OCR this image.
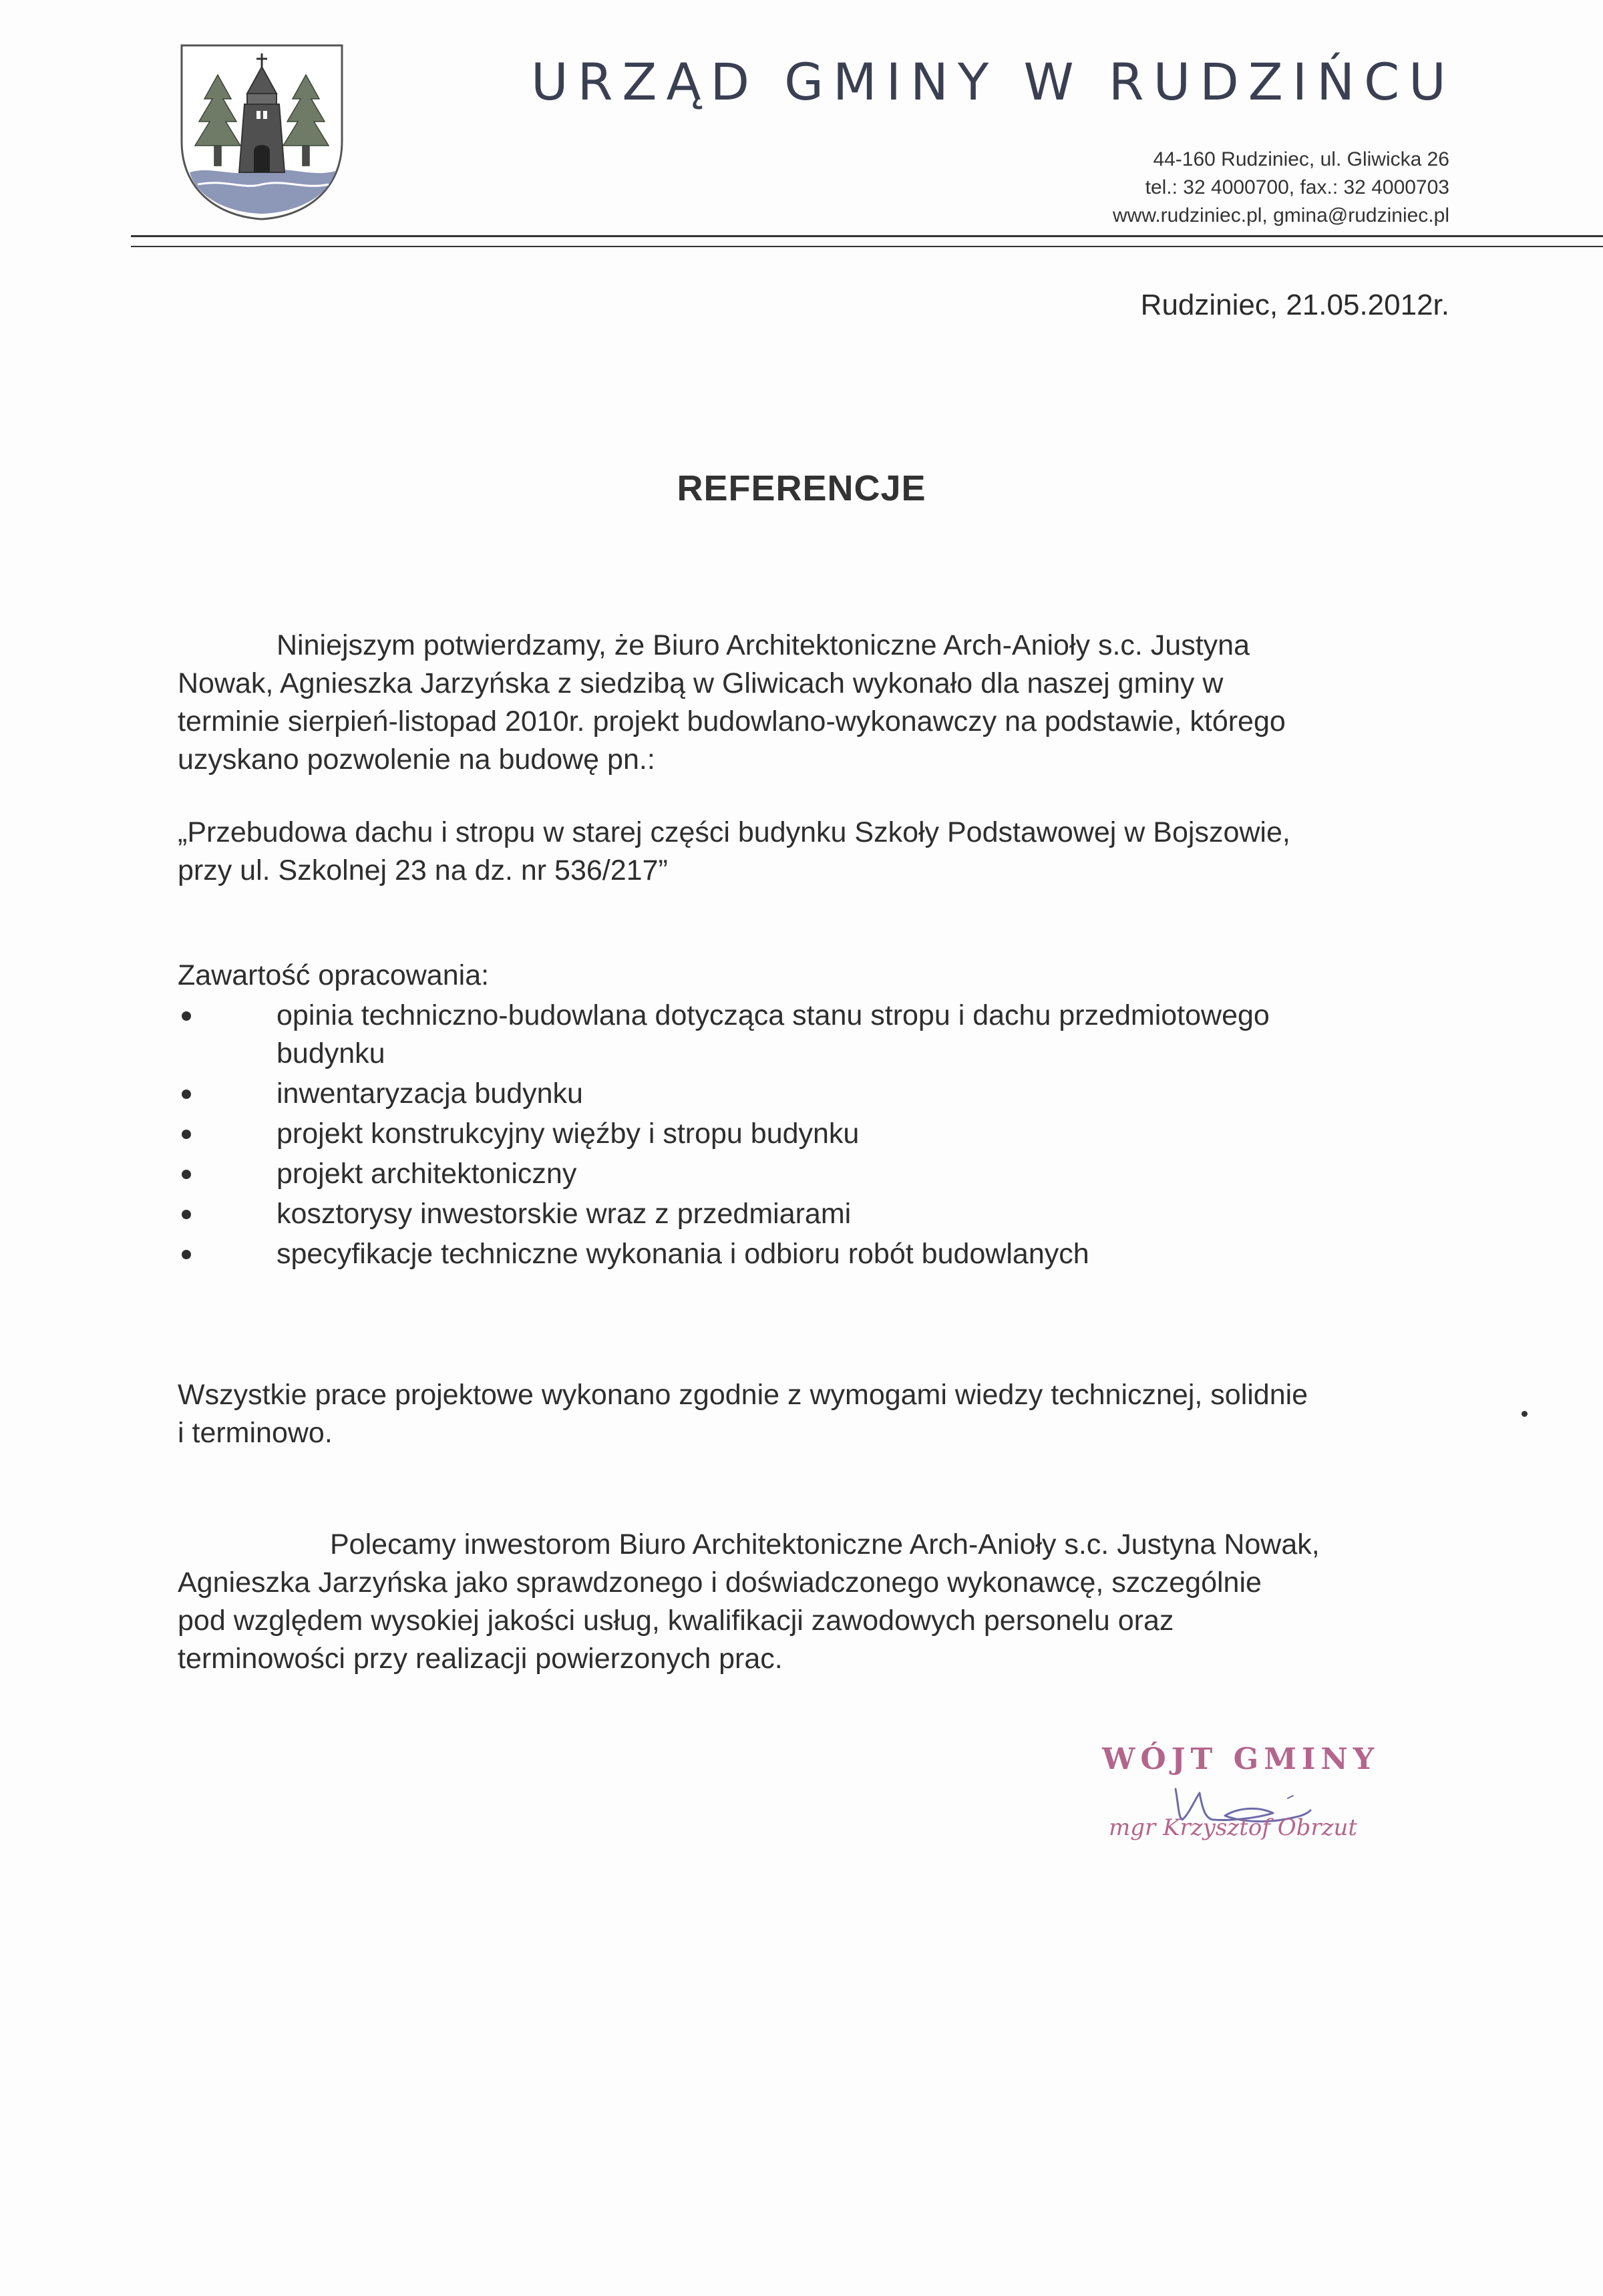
URZĄD GMINY W RUDZIŃCU
44-160 Rudziniec, ul. Gliwicka 26
tel.: 32 4000700, fax.: 32 4000703
www.rudziniec.pl, gmina@rudziniec.pl
Rudziniec, 21.05.2012r.
REFERENCJE
Niniejszym potwierdzamy, że Biuro Architektoniczne Arch-Anioły s.c. Justyna
Nowak, Agnieszka Jarzyńska z siedzibą w Gliwicach wykonało dla naszej gminy w
terminie sierpień-listopad 2010r. projekt budowlano-wykonawczy na podstawie, którego
uzyskano pozwolenie na budowę pn.:
„Przebudowa dachu i stropu w starej części budynku Szkoły Podstawowej w Bojszowie,
przy ul. Szkolnej 23 na dz. nr 536/217”
Zawartość opracowania:
opinia techniczno-budowlana dotycząca stanu stropu i dachu przedmiotowego
budynku
inwentaryzacja budynku
projekt konstrukcyjny więźby i stropu budynku
projekt architektoniczny
kosztorysy inwestorskie wraz z przedmiarami
specyfikacje techniczne wykonania i odbioru robót budowlanych
Wszystkie prace projektowe wykonano zgodnie z wymogami wiedzy technicznej, solidnie
i terminowo.
Polecamy inwestorom Biuro Architektoniczne Arch-Anioły s.c. Justyna Nowak,
Agnieszka Jarzyńska jako sprawdzonego i doświadczonego wykonawcę, szczególnie
pod względem wysokiej jakości usług, kwalifikacji zawodowych personelu oraz
terminowości przy realizacji powierzonych prac.
WÓJT GMINY
mgr Krzysztof Obrzut
